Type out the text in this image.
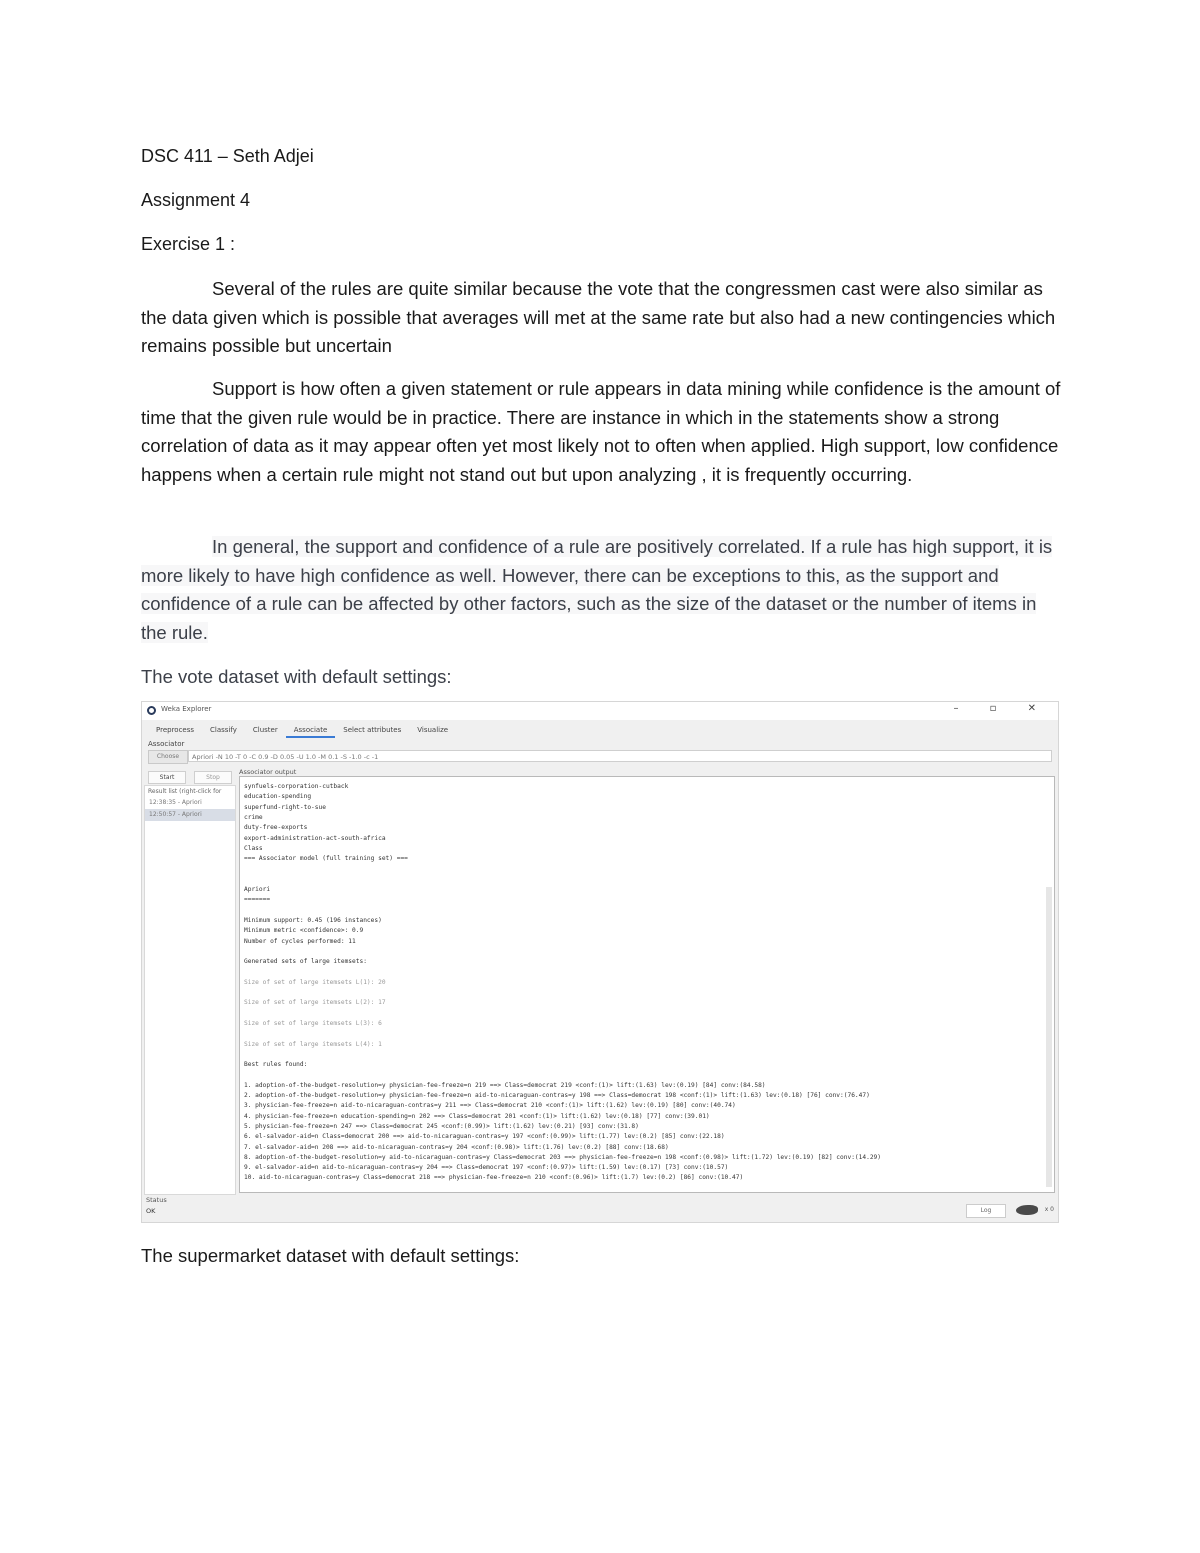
DSC 411 – Seth Adjei
Assignment 4
Exercise 1 :
Several of the rules are quite similar because the vote that the congressmen cast were also similar as the data given which is possible that averages will met at the same rate but also had a new contingencies which remains possible but uncertain
Support is how often a given statement or rule appears in data mining while confidence is the amount of time that the given rule would be in practice. There are instance in which in the statements show a strong correlation of data as it may appear often yet most likely not to often when applied. High support, low confidence happens when a certain rule might not stand out but upon analyzing , it is frequently occurring.
In general, the support and confidence of a rule are positively correlated. If a rule has high support, it is more likely to have high confidence as well. However, there can be exceptions to this, as the support and confidence of a rule can be affected by other factors, such as the size of the dataset or the number of items in the rule.
The vote dataset with default settings:
Weka Explorer	– ▫ ✕
Preprocess	Classify	Cluster	Associate	Select attributes	Visualize
Associator
Choose	Apriori -N 10 -T 0 -C 0.9 -D 0.05 -U 1.0 -M 0.1 -S -1.0 -c -1
Start	Stop
Result list (right-click for
12:38:35 - Apriori
12:50:57 - Apriori
Associator output
synfuels-corporation-cutback
education-spending
superfund-right-to-sue
crime
duty-free-exports
export-administration-act-south-africa
Class
=== Associator model (full training set) ===
Apriori
=======
Minimum support: 0.45 (196 instances)
Minimum metric <confidence>: 0.9
Number of cycles performed: 11
Generated sets of large itemsets:
Size of set of large itemsets L(1): 20
Size of set of large itemsets L(2): 17
Size of set of large itemsets L(3): 6
Size of set of large itemsets L(4): 1
Best rules found:
1. adoption-of-the-budget-resolution=y physician-fee-freeze=n 219 ==> Class=democrat 219 <conf:(1)> lift:(1.63) lev:(0.19) [84] conv:(84.58)
2. adoption-of-the-budget-resolution=y physician-fee-freeze=n aid-to-nicaraguan-contras=y 198 ==> Class=democrat 198 <conf:(1)> lift:(1.63) lev:(0.18) [76] conv:(76.47)
3. physician-fee-freeze=n aid-to-nicaraguan-contras=y 211 ==> Class=democrat 210 <conf:(1)> lift:(1.62) lev:(0.19) [80] conv:(40.74)
4. physician-fee-freeze=n education-spending=n 202 ==> Class=democrat 201 <conf:(1)> lift:(1.62) lev:(0.18) [77] conv:(39.01)
5. physician-fee-freeze=n 247 ==> Class=democrat 245 <conf:(0.99)> lift:(1.62) lev:(0.21) [93] conv:(31.8)
6. el-salvador-aid=n Class=democrat 200 ==> aid-to-nicaraguan-contras=y 197 <conf:(0.99)> lift:(1.77) lev:(0.2) [85] conv:(22.18)
7. el-salvador-aid=n 208 ==> aid-to-nicaraguan-contras=y 204 <conf:(0.98)> lift:(1.76) lev:(0.2) [88] conv:(18.68)
8. adoption-of-the-budget-resolution=y aid-to-nicaraguan-contras=y Class=democrat 203 ==> physician-fee-freeze=n 198 <conf:(0.98)> lift:(1.72) lev:(0.19) [82] conv:(14.29)
9. el-salvador-aid=n aid-to-nicaraguan-contras=y 204 ==> Class=democrat 197 <conf:(0.97)> lift:(1.59) lev:(0.17) [73] conv:(10.57)
10. aid-to-nicaraguan-contras=y Class=democrat 218 ==> physician-fee-freeze=n 210 <conf:(0.96)> lift:(1.7) lev:(0.2) [86] conv:(10.47)
Status
OK	Log	x 0
The supermarket dataset with default settings:
